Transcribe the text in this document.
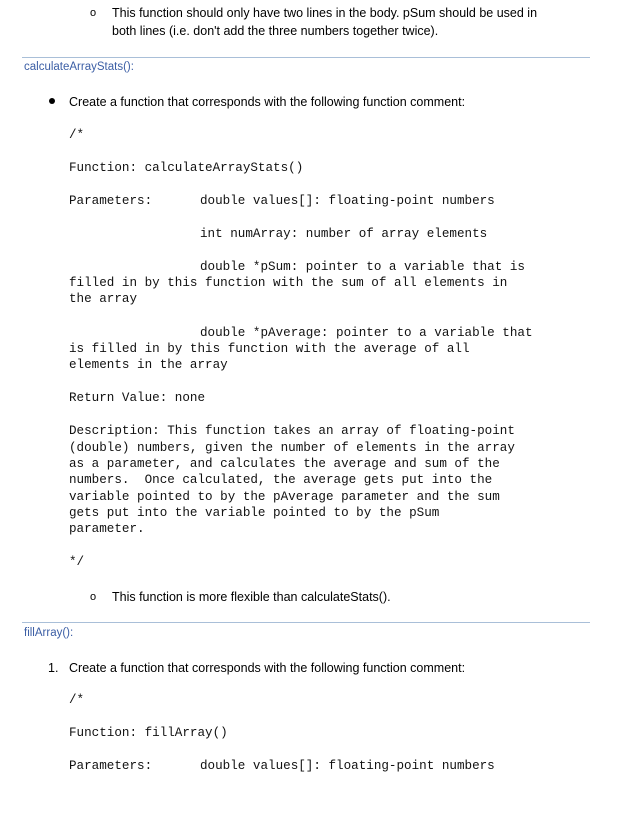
o This function should only have two lines in the body. pSum should be used in
both lines (i.e. don't add the three numbers together twice).
calculateArrayStats():
Create a function that corresponds with the following function comment:
/*
Function: calculateArrayStats()
Parameters:	double values[]: floating-point numbers
int numArray: number of array elements
double *pSum: pointer to a variable that is
filled in by this function with the sum of all elements in
the array
double *pAverage: pointer to a variable that
is filled in by this function with the average of all
elements in the array
Return Value: none
Description: This function takes an array of floating-point
(double) numbers, given the number of elements in the array
as a parameter, and calculates the average and sum of the
numbers.  Once calculated, the average gets put into the
variable pointed to by the pAverage parameter and the sum
gets put into the variable pointed to by the pSum
parameter.
*/
o This function is more flexible than calculateStats().
fillArray():
1. Create a function that corresponds with the following function comment:
/*
Function: fillArray()
Parameters:	double values[]: floating-point numbers
